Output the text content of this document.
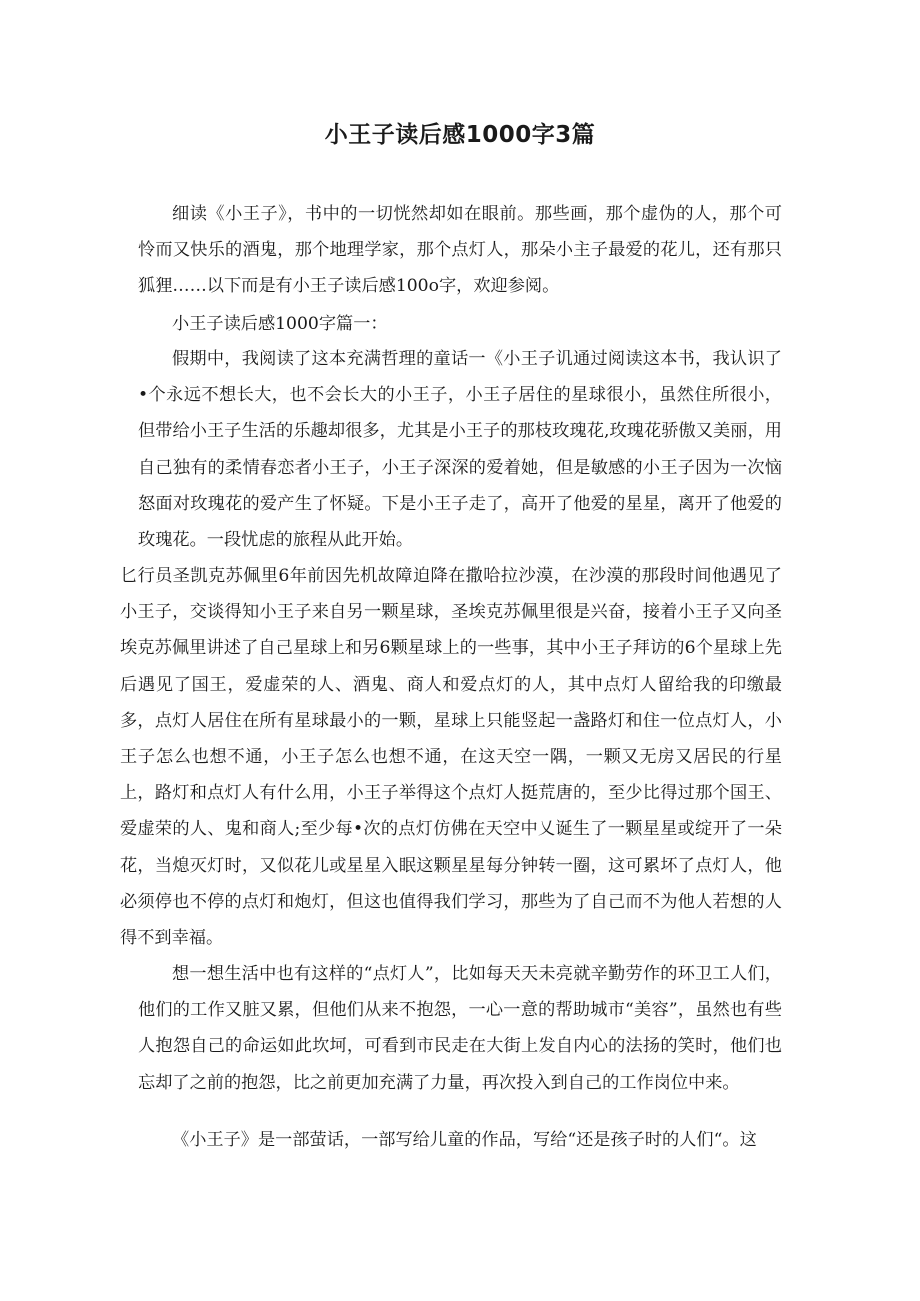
小王子读后感1000字3篇

细读《小王子》，书中的一切恍然却如在眼前。那些画，那个虚伪的人，那个可怜而又快乐的酒鬼，那个地理学家，那个点灯人，那朵小主子最爱的花儿，还有那只狐狸……以下而是有小王子读后感100o字，欢迎参阅。

小王子读后感1000字篇一：

假期中，我阅读了这本充满哲理的童话一《小王子讥通过阅读这本书，我认识了•个永远不想长大，也不会长大的小王子，小王子居住的星球很小，虽然住所很小，但带给小王子生活的乐趣却很多，尤其是小王子的那枝玫瑰花,玫瑰花骄傲又美丽，用自己独有的柔情春恋者小王子，小王子深深的爱着她，但是敏感的小王子因为一次恼怒面对玫瑰花的爱产生了怀疑。下是小王子走了，高开了他爱的星星，离开了他爱的玫瑰花。一段忧虑的旅程从此开始。

匕行员圣凯克苏佩里6年前因先机故障迫降在撒哈拉沙漠，在沙漠的那段时间他遇见了小王子，交谈得知小王子来自另一颗星球，圣埃克苏佩里很是兴奋，接着小王子又向圣埃克苏佩里讲述了自己星球上和另6颗星球上的一些事，其中小王子拜访的6个星球上先后遇见了国王，爱虚荣的人、酒鬼、商人和爱点灯的人，其中点灯人留给我的印缴最多，点灯人居住在所有星球最小的一颗，星球上只能竖起一盏路灯和住一位点灯人，小王子怎么也想不通，小王子怎么也想不通，在这天空一隅，一颗又无房又居民的行星上，路灯和点灯人有什么用，小王子举得这个点灯人挺荒唐的，至少比得过那个国王、爱虚荣的人、鬼和商人;至少每•次的点灯仿佛在天空中乂诞生了一颗星星或绽开了一朵花，当熄灭灯时，又似花儿或星星入眠这颗星星每分钟转一圈，这可累坏了点灯人，他必须停也不停的点灯和炮灯，但这也值得我们学习，那些为了自己而不为他人若想的人得不到幸福。

想一想生活中也有这样的“点灯人”，比如每天天未亮就辛勤劳作的环卫工人们，他们的工作又脏又累，但他们从来不抱怨，一心一意的帮助城市“美容”，虽然也有些人抱怨自己的命运如此坎坷，可看到市民走在大街上发自内心的法扬的笑时，他们也忘却了之前的抱怨，比之前更加充满了力量，再次投入到自己的工作岗位中来。

《小王子》是一部萤话，一部写给儿童的作品，写给“还是孩子时的人们“。这
